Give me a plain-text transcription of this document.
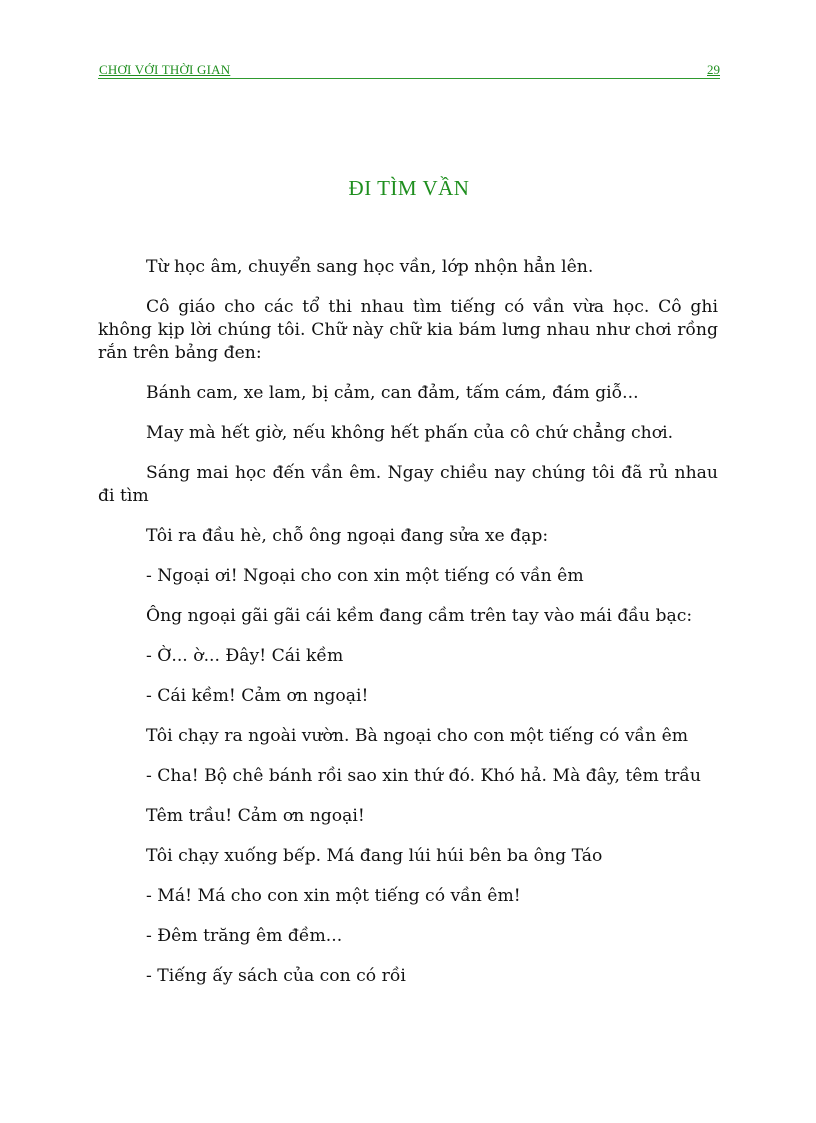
CHƠI VỚI THỜI GIAN	29
ĐI TÌM VẦN

Từ học âm, chuyển sang học vần, lớp nhộn hẳn lên.

Cô giáo cho các tổ thi nhau tìm tiếng có vần vừa học. Cô ghi không kịp lời chúng tôi. Chữ này chữ kia bám lưng nhau như chơi rồng rắn trên bảng đen:

Bánh cam, xe lam, bị cảm, can đảm, tấm cám, đám giỗ...

May mà hết giờ, nếu không hết phấn của cô chứ chẳng chơi.

Sáng mai học đến vần êm. Ngay chiều nay chúng tôi đã rủ nhau đi tìm

Tôi ra đầu hè, chỗ ông ngoại đang sửa xe đạp:

- Ngoại ơi! Ngoại cho con xin một tiếng có vần êm

Ông ngoại gãi gãi cái kềm đang cầm trên tay vào mái đầu bạc:

- Ờ... ờ... Đây! Cái kềm

- Cái kềm! Cảm ơn ngoại!

Tôi chạy ra ngoài vườn. Bà ngoại cho con một tiếng có vần êm

- Cha! Bộ chê bánh rồi sao xin thứ đó. Khó hả. Mà đây, têm trầu

Têm trầu! Cảm ơn ngoại!

Tôi chạy xuống bếp. Má đang lúi húi bên ba ông Táo

- Má! Má cho con xin một tiếng có vần êm!

- Đêm trăng êm đềm...

- Tiếng ấy sách của con có rồi
